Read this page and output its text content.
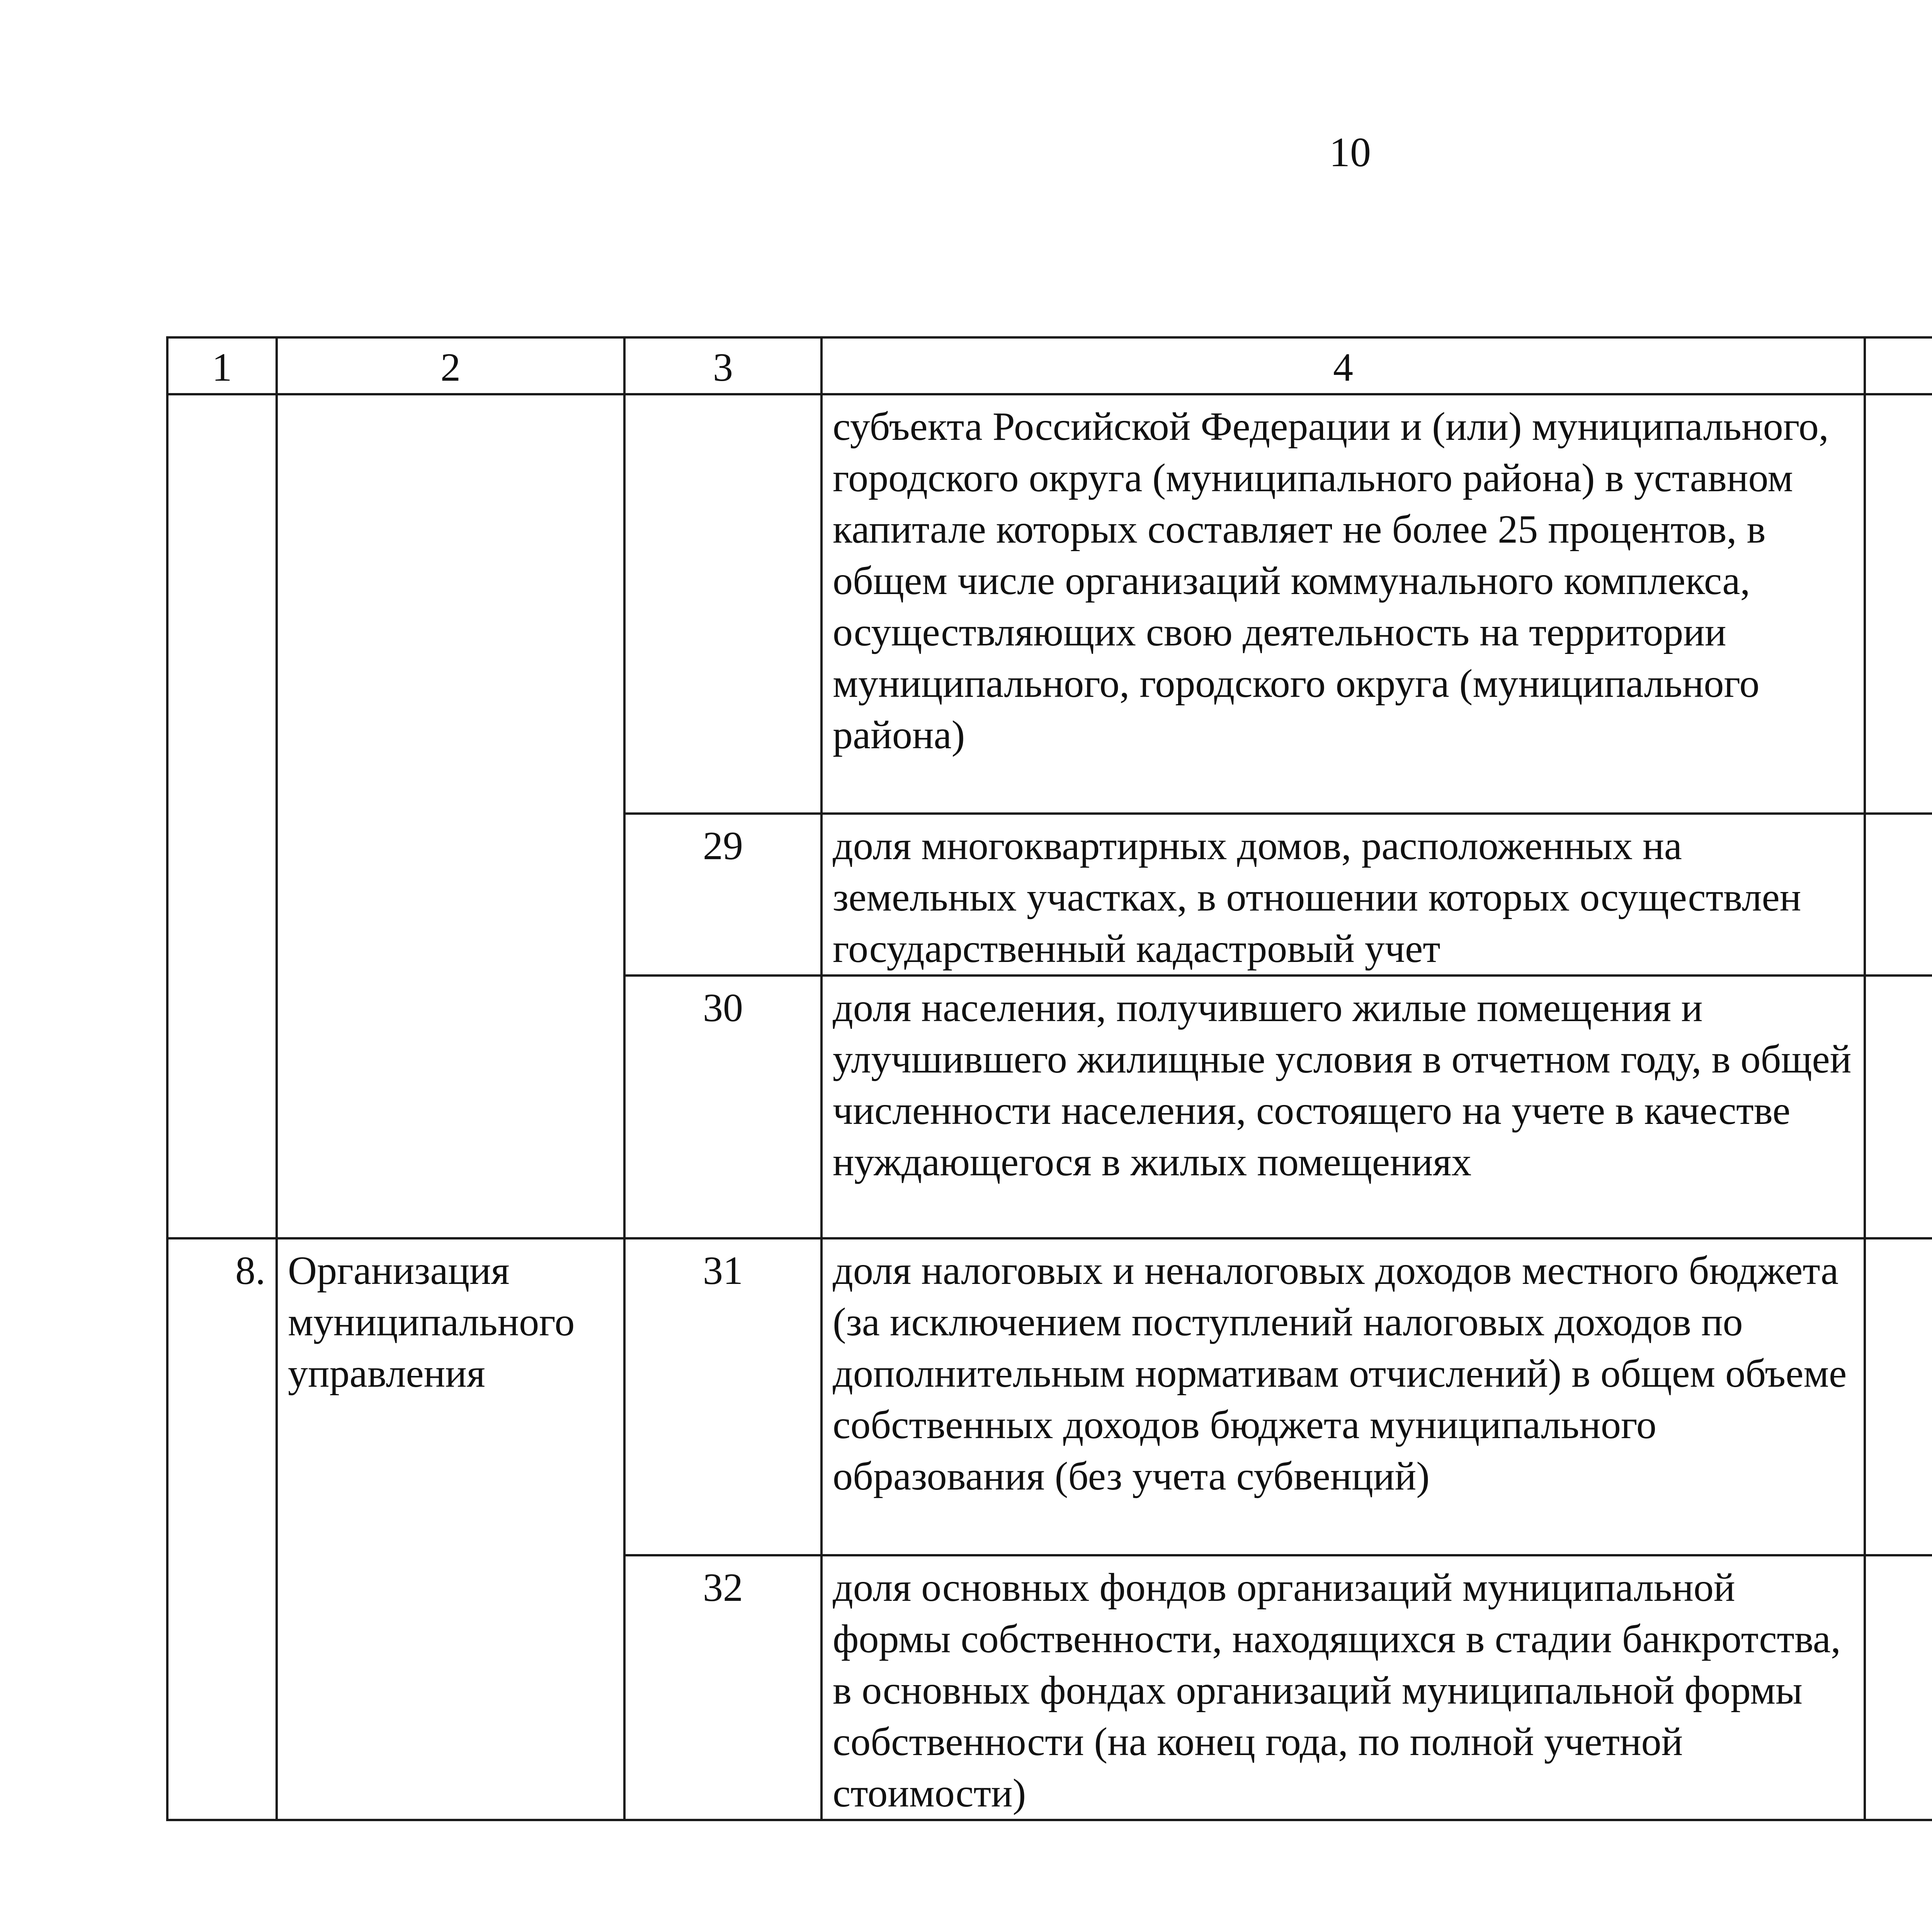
10
1	2	3	4		
			субъекта Российской Федерации и (или) муниципального, городского округа (муниципального района) в уставном капитале которых составляет не более 25 процентов, в общем числе организаций коммунального комплекса, осуществляющих свою деятельность на территории муниципального, городского округа (муниципального района)		
		29	доля многоквартирных домов, расположенных на земельных участках, в отношении которых осуществлен государственный кадастровый учет		
		30	доля населения, получившего жилые помещения и улучшившего жилищные условия в отчетном году, в общей численности населения, состоящего на учете в качестве нуждающегося в жилых помещениях		
8.	Организация муниципального управления	31	доля налоговых и неналоговых доходов местного бюджета (за исключением поступлений налоговых доходов по дополнительным нормативам отчислений) в общем объеме собственных доходов бюджета муниципального образования (без учета субвенций)		
		32	доля основных фондов организаций муниципальной формы собственности, находящихся в стадии банкротства, в основных фондах организаций муниципальной формы собственности (на конец года, по полной учетной стоимости)		
